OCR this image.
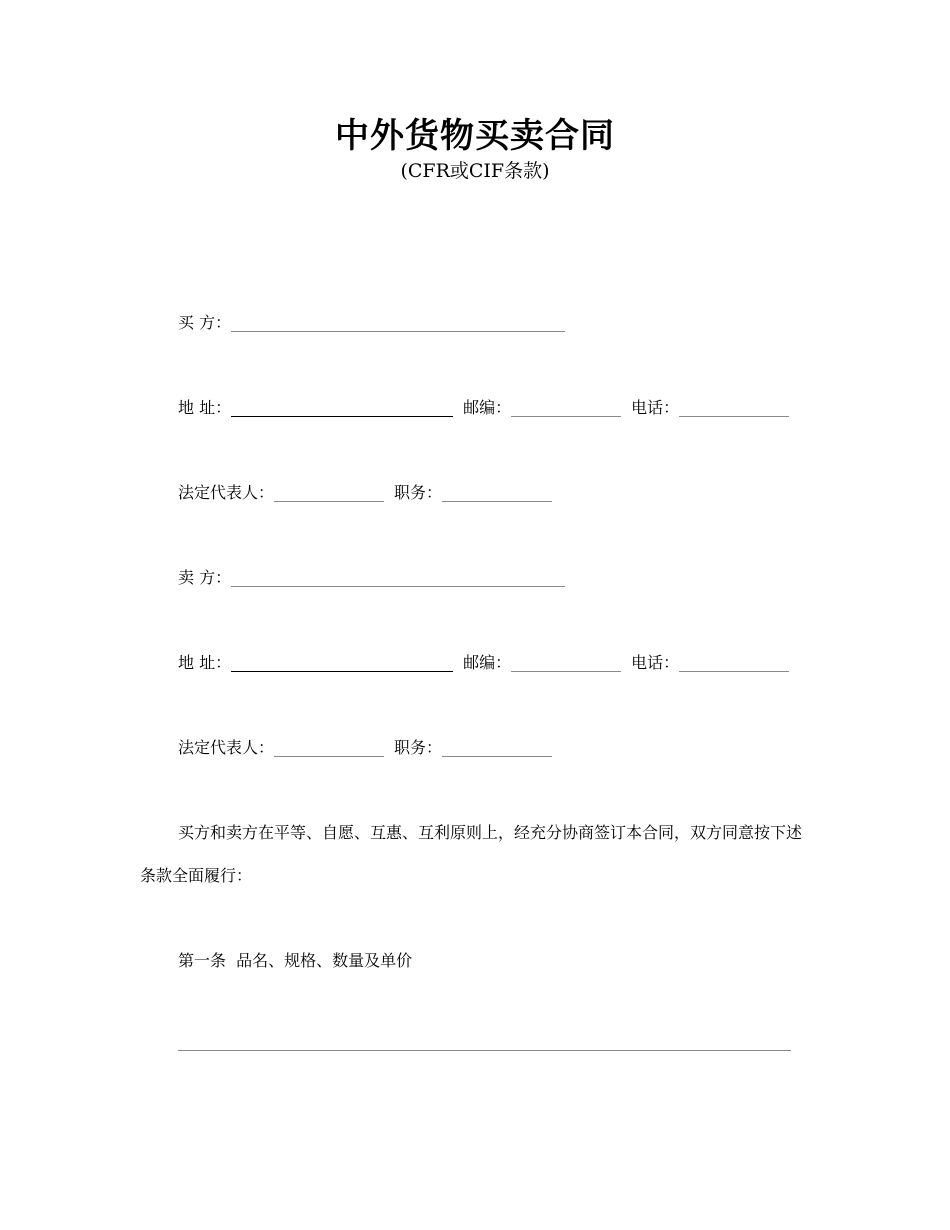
中外货物买卖合同
(CFR或CIF条款)
买 方：
地 址：	邮编：	电话：
法定代表人：	职务：
卖 方：
地 址：	邮编：	电话：
法定代表人：	职务：
买方和卖方在平等、自愿、互惠、互利原则上，经充分协商签订本合同，双方同意按下述条款全面履行：
第一条  品名、规格、数量及单价
